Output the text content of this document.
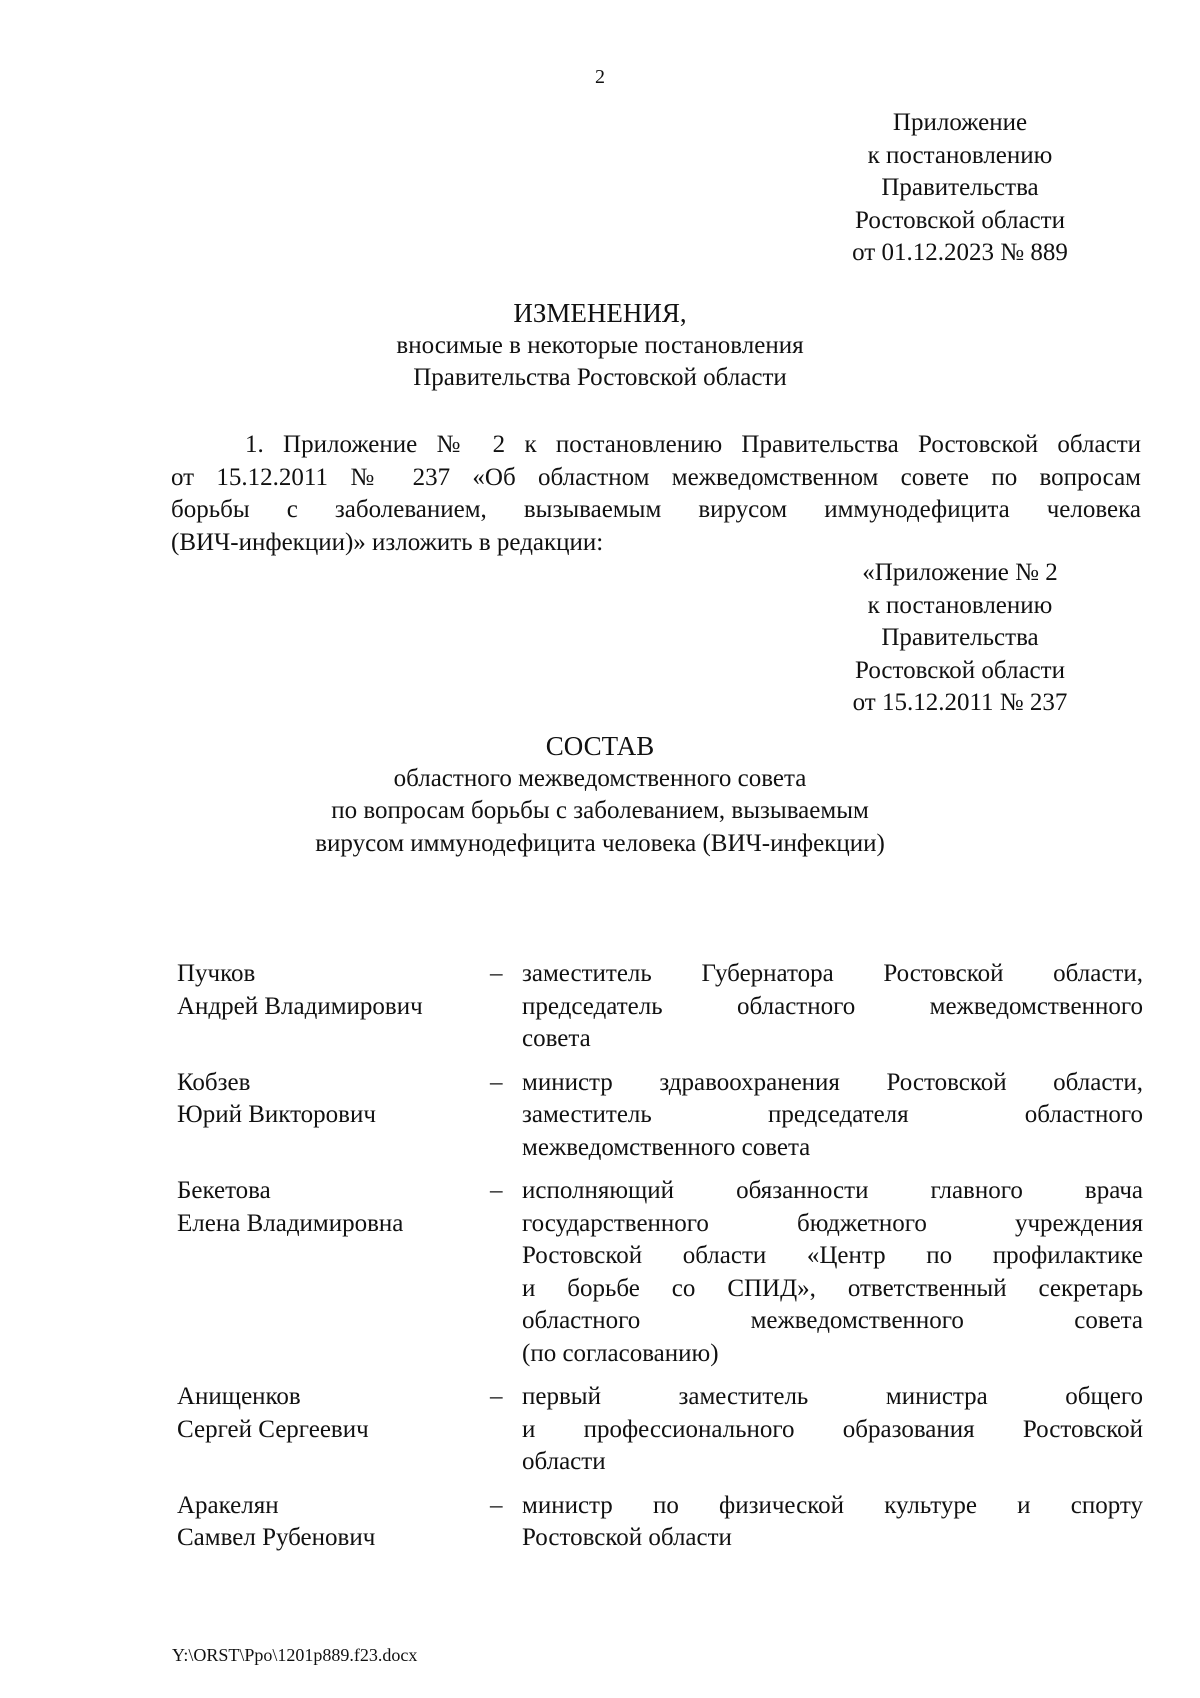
2
Приложение
к постановлению
Правительства
Ростовской области
от 01.12.2023 № 889
ИЗМЕНЕНИЯ,
вносимые в некоторые постановления
Правительства Ростовской области
1. Приложение № 2 к постановлению Правительства Ростовской области
от 15.12.2011 № 237 «Об областном межведомственном совете по вопросам
борьбы с заболеванием, вызываемым вирусом иммунодефицита человека
(ВИЧ-инфекции)» изложить в редакции:
«Приложение № 2
к постановлению
Правительства
Ростовской области
от 15.12.2011 № 237
СОСТАВ
областного межведомственного совета
по вопросам борьбы с заболеванием, вызываемым
вирусом иммунодефицита человека (ВИЧ-инфекции)
Пучков
Андрей Владимирович
– заместитель Губернатора Ростовской области,
председатель областного межведомственного
совета
Кобзев
Юрий Викторович
– министр здравоохранения Ростовской области,
заместитель председателя областного
межведомственного совета
Бекетова
Елена Владимировна
– исполняющий обязанности главного врача
государственного бюджетного учреждения
Ростовской области «Центр по профилактике
и борьбе со СПИД», ответственный секретарь
областного межведомственного совета
(по согласованию)
Анищенков
Сергей Сергеевич
– первый заместитель министра общего
и профессионального образования Ростовской
области
Аракелян
Самвел Рубенович
– министр по физической культуре и спорту
Ростовской области
Y:\ORST\Ppo\1201p889.f23.docx
